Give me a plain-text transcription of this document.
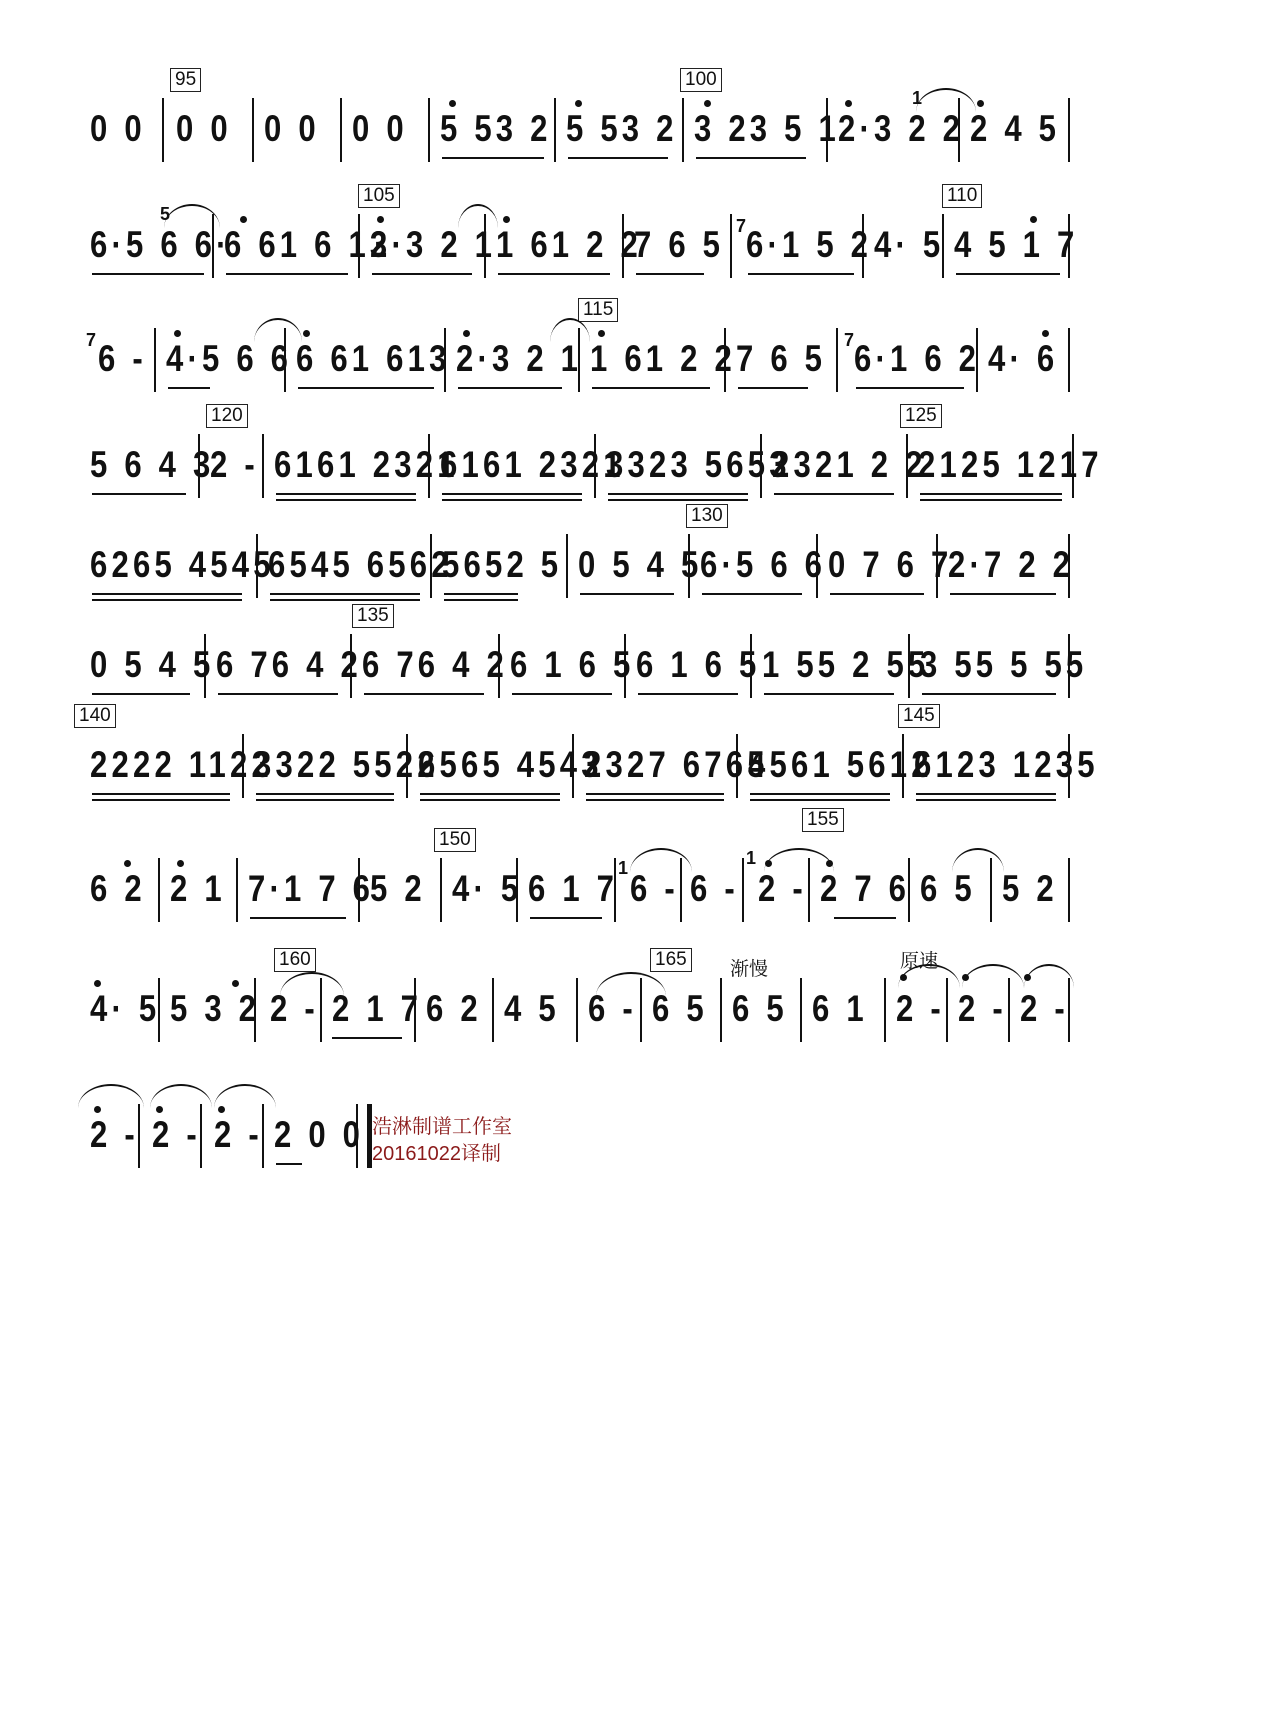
95	100
0 0 0 0 0 0 0 0 5 53 2 5 53 2 3 23 5 1
2·3 2 2
1
2 4 5
105	110
6·5 6 6·
5
6 61 6 13
2·3 2 1 1 61 2 2
7 6 5 7 6·1 5 2 4· 5 4 5 1 7
115
7 6 - 4·5 6 6 6 61 613 2·3 2 1 1 61 2 2 7 6 5 7 6·1 6 2 4· 6
120	125
5 6 4 3
2 - 6161 2321
6161 2321
3323 5653
2321 2 2
2125 1217
130
6265 4545
6545 6562
5652 5 0 5 4 5
6·5 6 6 0 7 6 7
2·7 2 2
135
0 5 4 5 6 76 4 2 6 76 4 2 6 1 6 5 6 1 6 5 1 55 2 55
3 55 5 55
140	145
2222 1122
3322 5522
6565 4543
2327 6765
4561 5612
6123 1235
150
155
6 2 2 1 7·1 7 6
5 2 4· 5 6 1 7 1 6 - 6 -
1
2 - 2 7 6 6 5 5 2
160	165 渐慢	原速
4· 5 5 3 2 2 - 2 1 7 6 2 4 5 6 - 6 5 6 5 6 1 2 - 2 - 2 -
2 - 2 - 2 - 2 0 0 浩淋制谱工作室
20161022译制
